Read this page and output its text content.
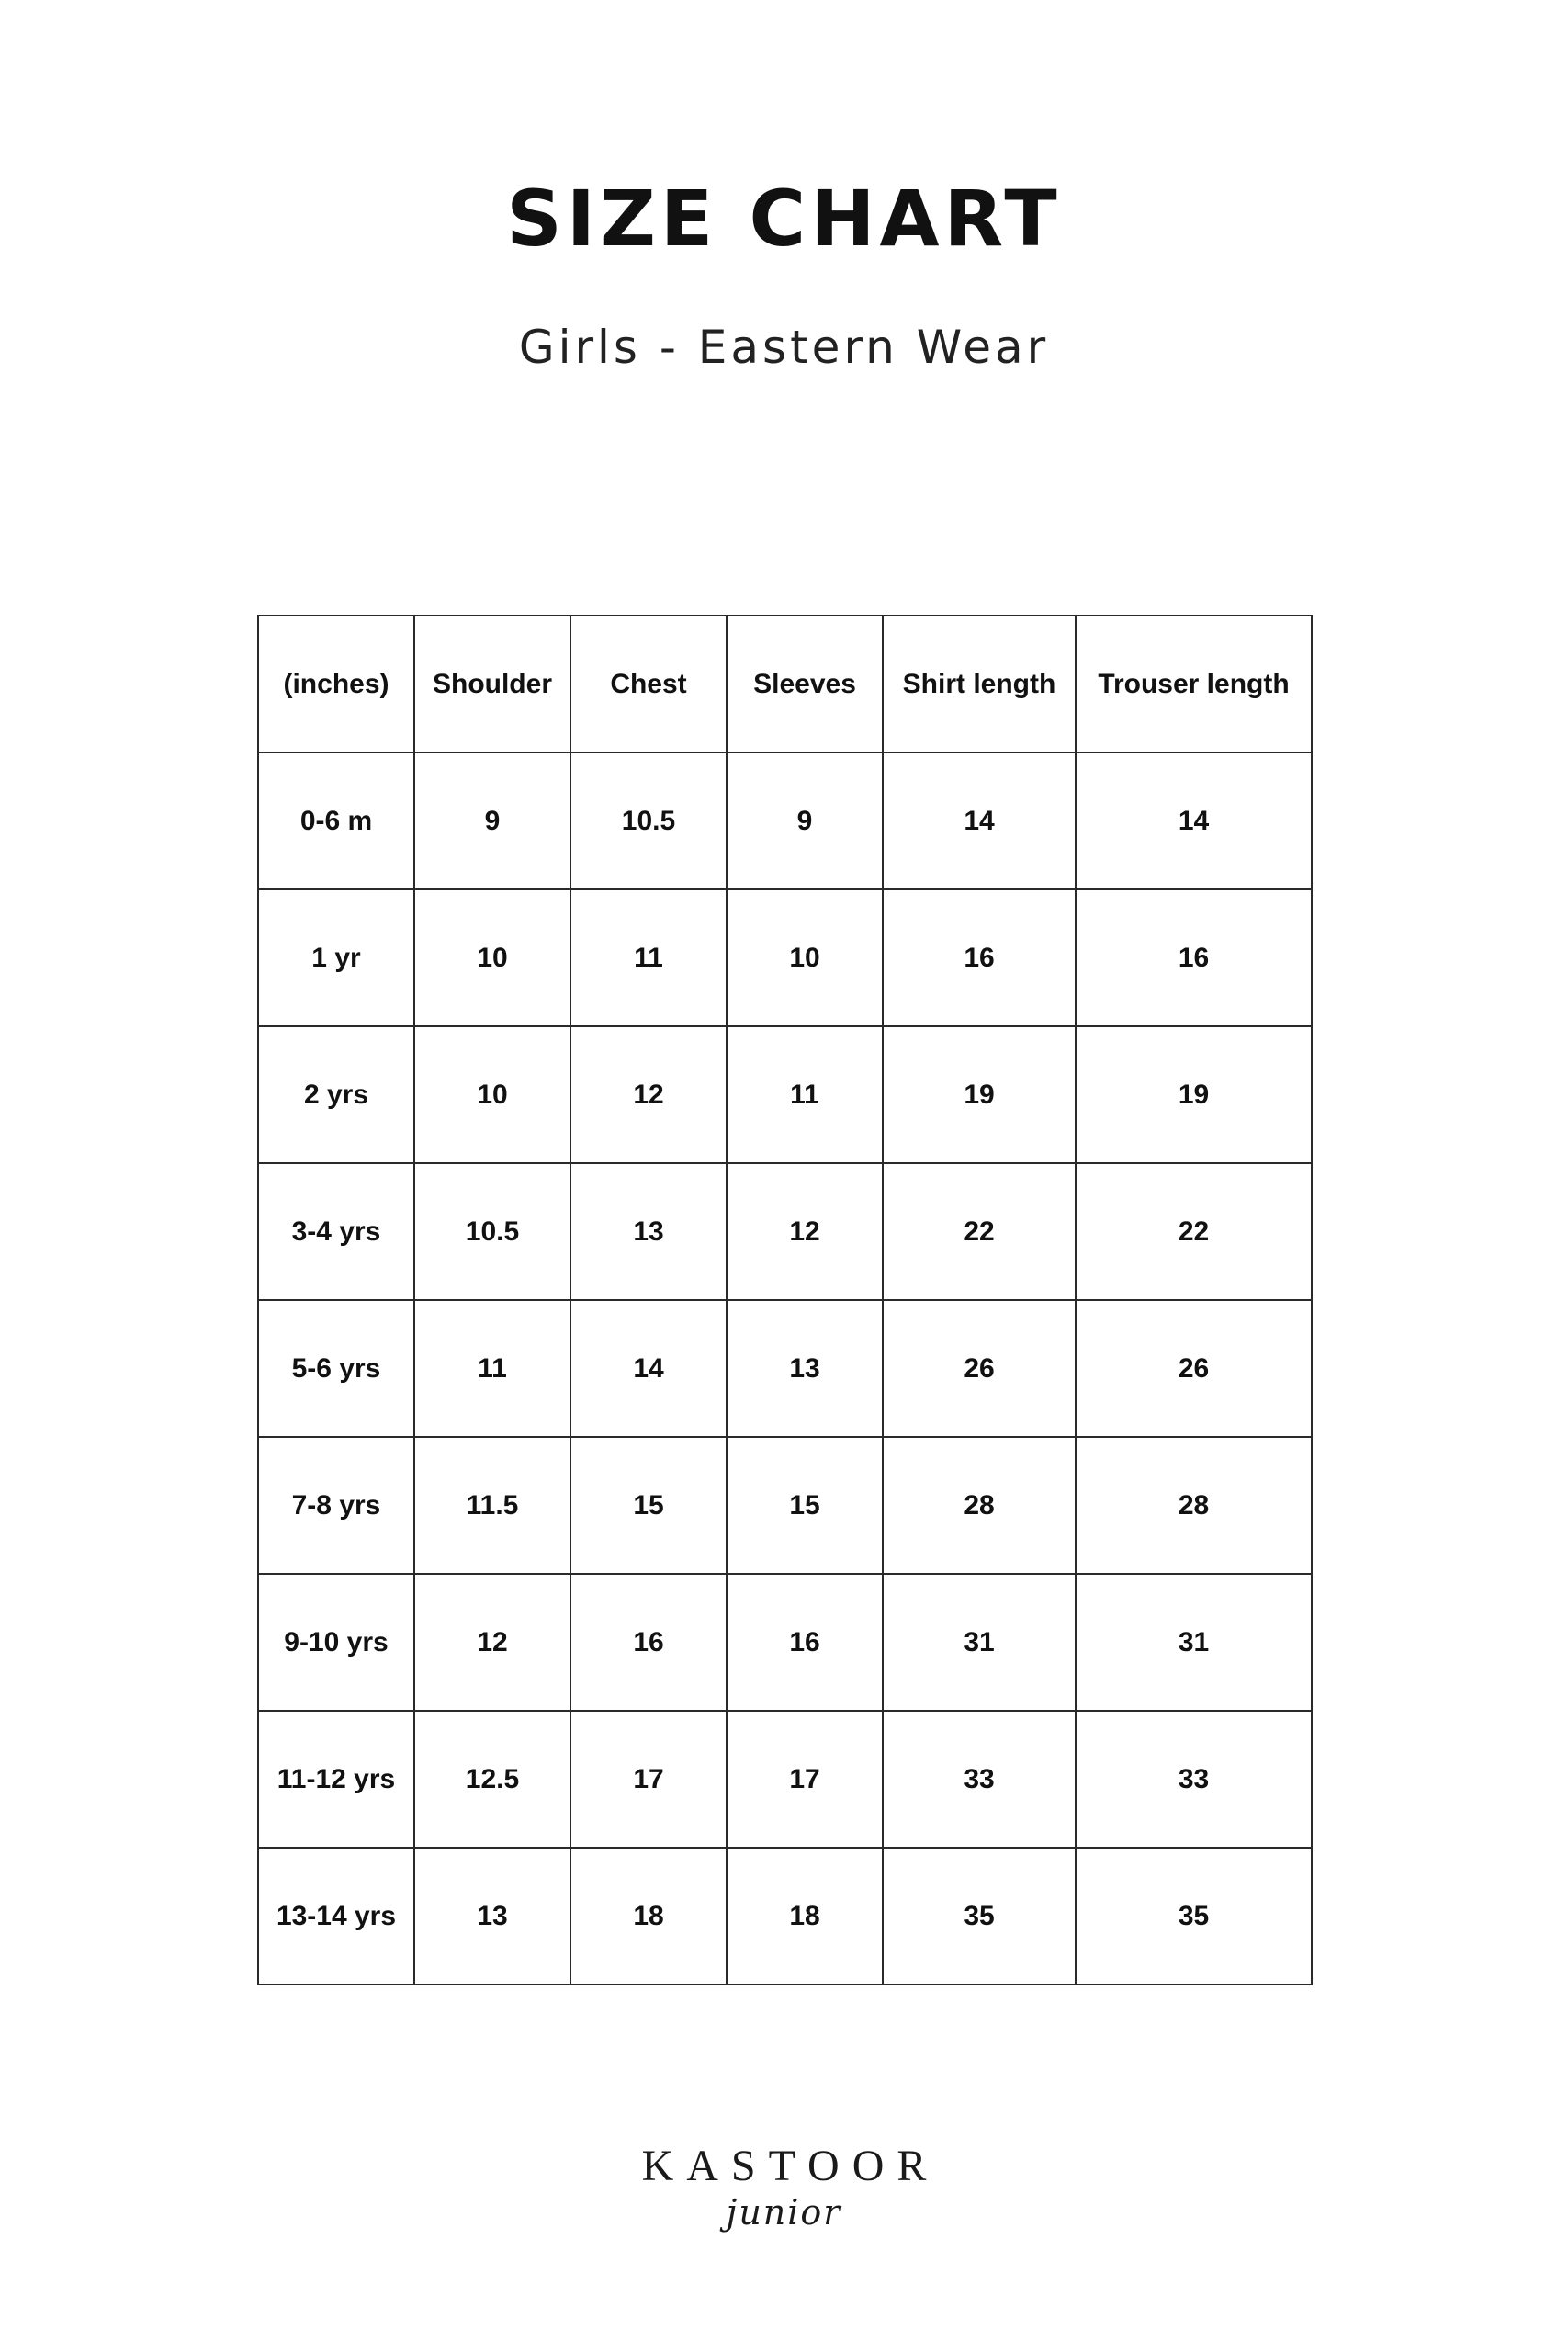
SIZE CHART
Girls - Eastern Wear
(inches)	Shoulder	Chest	Sleeves	Shirt length	Trouser length
0-6 m	9	10.5	9	14	14
1 yr	10	11	10	16	16
2 yrs	10	12	11	19	19
3-4 yrs	10.5	13	12	22	22
5-6 yrs	11	14	13	26	26
7-8 yrs	11.5	15	15	28	28
9-10 yrs	12	16	16	31	31
11-12 yrs	12.5	17	17	33	33
13-14 yrs	13	18	18	35	35
KASTOOR
junior
